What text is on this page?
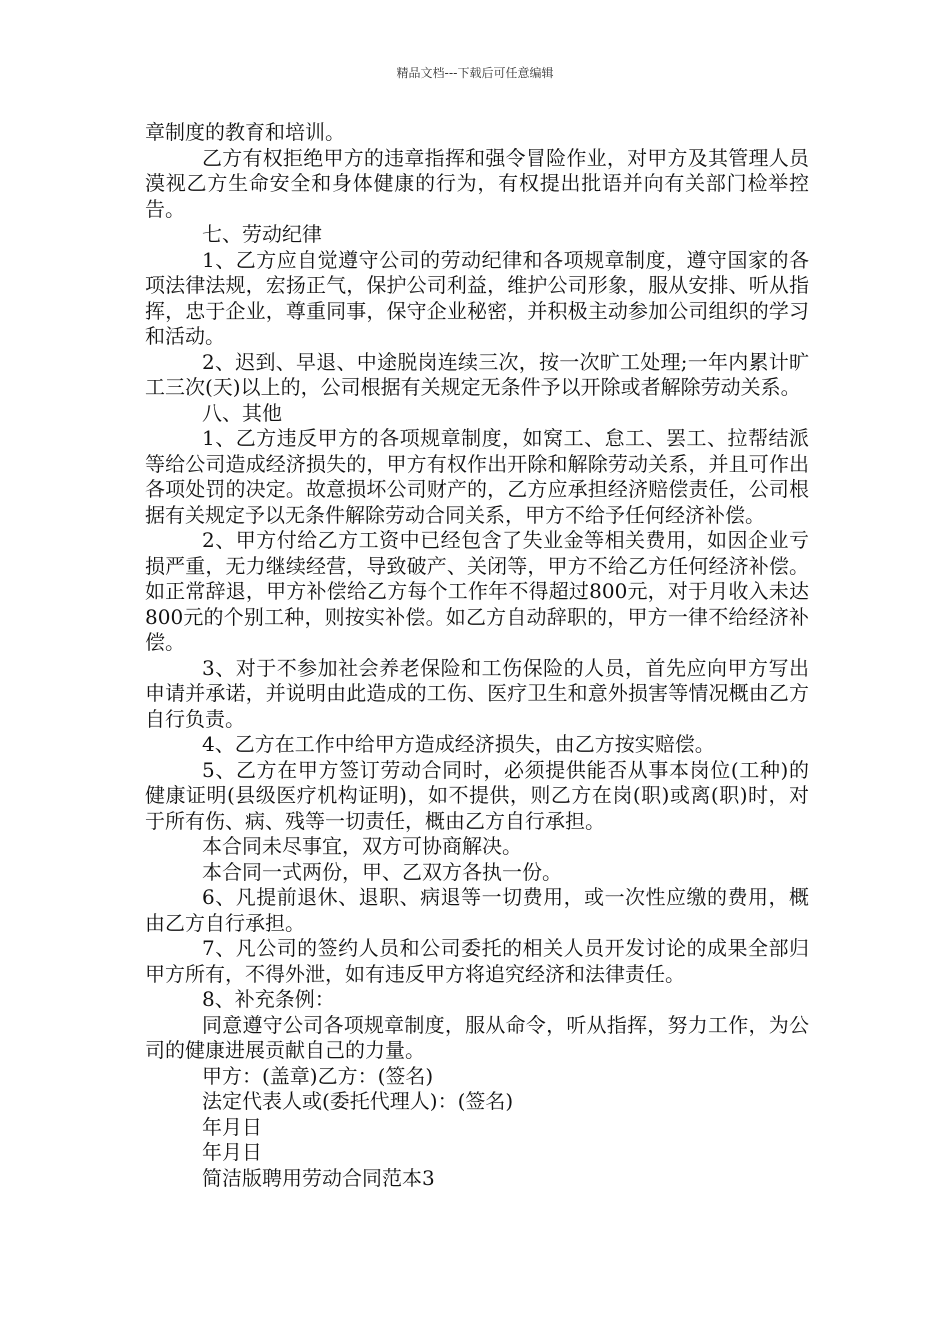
精品文档---下载后可任意编辑

章制度的教育和培训。

乙方有权拒绝甲方的违章指挥和强令冒险作业，对甲方及其管理人员漠视乙方生命安全和身体健康的行为，有权提出批语并向有关部门检举控告。

七、劳动纪律

1、乙方应自觉遵守公司的劳动纪律和各项规章制度，遵守国家的各项法律法规，宏扬正气，保护公司利益，维护公司形象，服从安排、听从指挥，忠于企业，尊重同事，保守企业秘密，并积极主动参加公司组织的学习和活动。

2、迟到、早退、中途脱岗连续三次，按一次旷工处理;一年内累计旷工三次(天)以上的，公司根据有关规定无条件予以开除或者解除劳动关系。

八、其他

1、乙方违反甲方的各项规章制度，如窝工、怠工、罢工、拉帮结派等给公司造成经济损失的，甲方有权作出开除和解除劳动关系，并且可作出各项处罚的决定。故意损坏公司财产的，乙方应承担经济赔偿责任，公司根据有关规定予以无条件解除劳动合同关系，甲方不给予任何经济补偿。

2、甲方付给乙方工资中已经包含了失业金等相关费用，如因企业亏损严重，无力继续经营，导致破产、关闭等，甲方不给乙方任何经济补偿。如正常辞退，甲方补偿给乙方每个工作年不得超过800元，对于月收入未达800元的个别工种，则按实补偿。如乙方自动辞职的，甲方一律不给经济补偿。

3、对于不参加社会养老保险和工伤保险的人员，首先应向甲方写出申请并承诺，并说明由此造成的工伤、医疗卫生和意外损害等情况概由乙方自行负责。

4、乙方在工作中给甲方造成经济损失，由乙方按实赔偿。

5、乙方在甲方签订劳动合同时，必须提供能否从事本岗位(工种)的健康证明(县级医疗机构证明)，如不提供，则乙方在岗(职)或离(职)时，对于所有伤、病、残等一切责任，概由乙方自行承担。

本合同未尽事宜，双方可协商解决。

本合同一式两份，甲、乙双方各执一份。

6、凡提前退休、退职、病退等一切费用，或一次性应缴的费用，概由乙方自行承担。

7、凡公司的签约人员和公司委托的相关人员开发讨论的成果全部归甲方所有，不得外泄，如有违反甲方将追究经济和法律责任。

8、补充条例：

同意遵守公司各项规章制度，服从命令，听从指挥，努力工作，为公司的健康进展贡献自己的力量。

甲方：(盖章)乙方：(签名)

法定代表人或(委托代理人)：(签名)

年月日

年月日

简洁版聘用劳动合同范本3
